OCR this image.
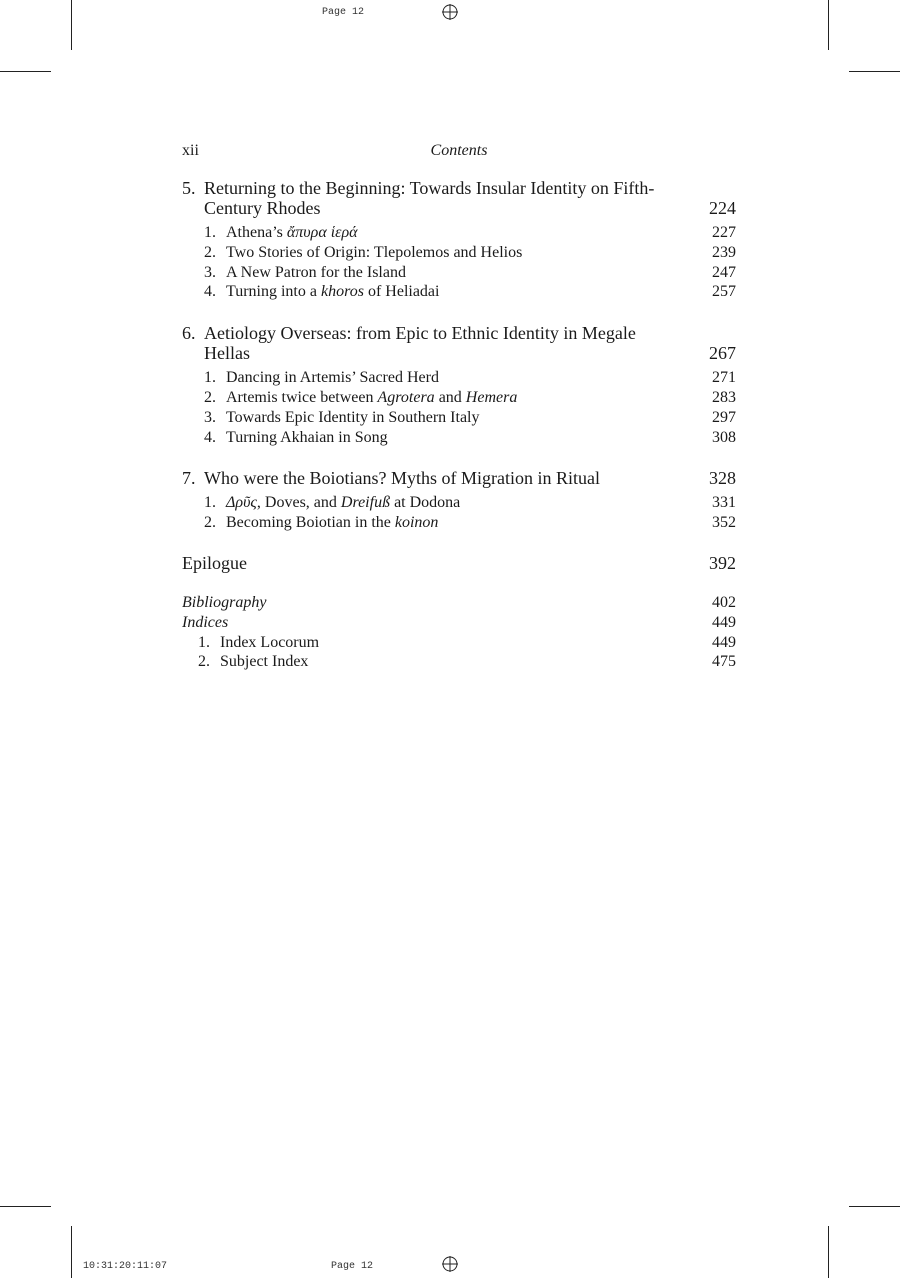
Page 12
10:31:20:11:07	Page 12
xii	Contents
5. Returning to the Beginning: Towards Insular Identity on Fifth-
Century Rhodes	224
1. Athena’s ἄπυρα ἱερά	227
2. Two Stories of Origin: Tlepolemos and Helios	239
3. A New Patron for the Island	247
4. Turning into a khoros of Heliadai	257
6. Aetiology Overseas: from Epic to Ethnic Identity in Megale
Hellas	267
1. Dancing in Artemis’ Sacred Herd	271
2. Artemis twice between Agrotera and Hemera	283
3. Towards Epic Identity in Southern Italy	297
4. Turning Akhaian in Song	308
7. Who were the Boiotians? Myths of Migration in Ritual	328
1. Δρῦς, Doves, and Dreifuß at Dodona	331
2. Becoming Boiotian in the koinon	352
Epilogue	392
Bibliography	402
Indices	449
1. Index Locorum	449
2. Subject Index	475
